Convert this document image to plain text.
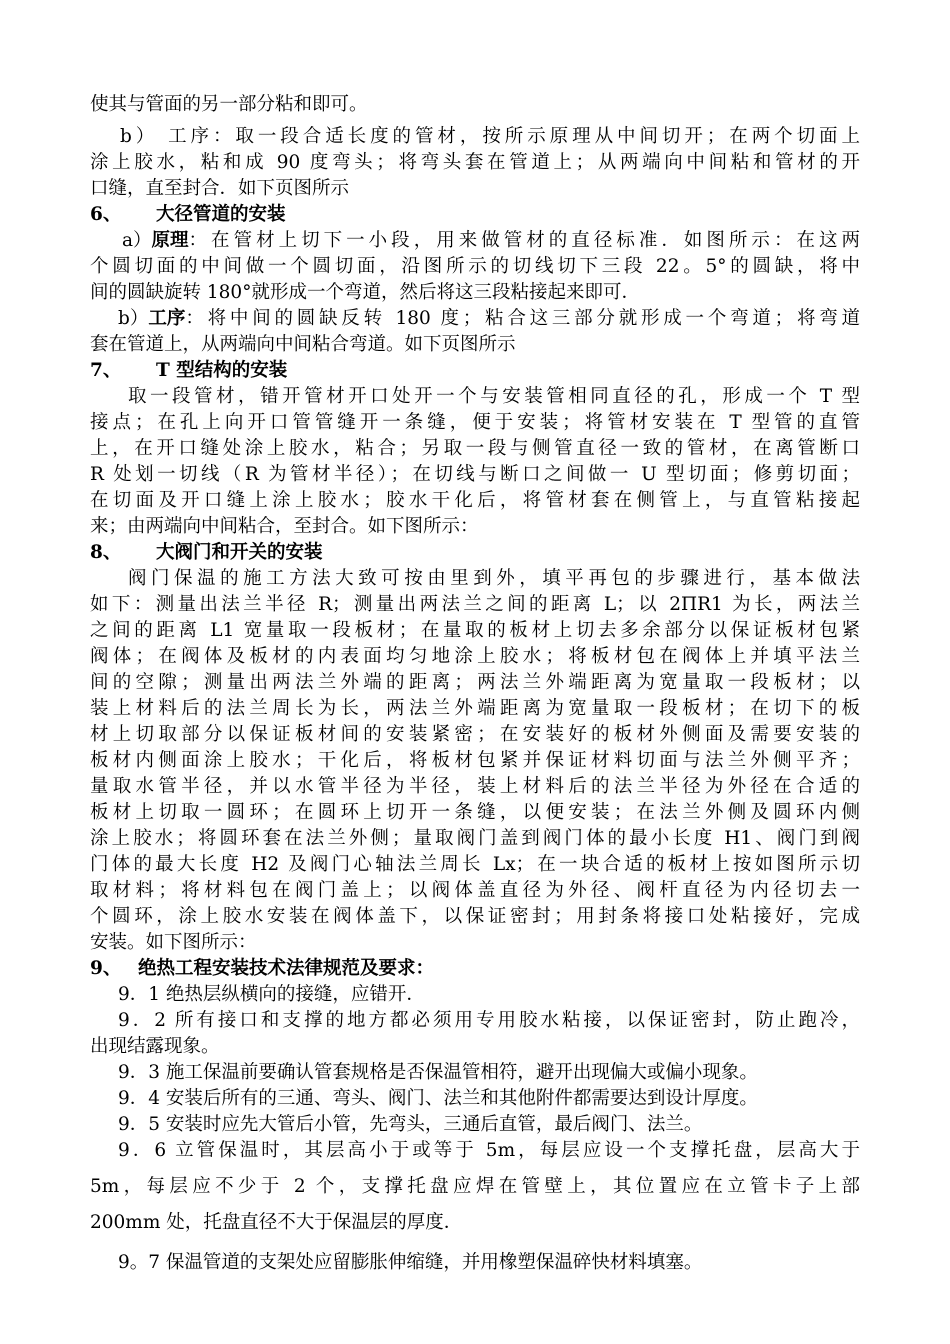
使其与管面的另一部分粘和即可。
b） 工序：取一段合适长度的管材，按所示原理从中间切开；在两个切面上
涂上胶水，粘和成 90 度弯头；将弯头套在管道上；从两端向中间粘和管材的开
口缝，直至封合．如下页图所示
6、 大径管道的安装
a） 原理 ：在管材上切下一小段，用来做管材的直径标准．如图所示：在这两
个圆切面的中间做一个圆切面，沿图所示的切线切下三段 22。5°的圆缺，将中
间的圆缺旋转 180°就形成一个弯道，然后将这三段粘接起来即可．
b） 工序 ：将中间的圆缺反转 180 度；粘合这三部分就形成一个弯道；将弯道
套在管道上，从两端向中间粘合弯道。如下页图所示
7、 T 型结构的安装
取一段管材，错开管材开口处开一个与安装管相同直径的孔，形成一个 T 型
接点；在孔上向开口管管缝开一条缝，便于安装；将管材安装在 T 型管的直管
上，在开口缝处涂上胶水，粘合；另取一段与侧管直径一致的管材，在离管断口
R 处划一切线（R 为管材半径）；在切线与断口之间做一 U 型切面；修剪切面；
在切面及开口缝上涂上胶水；胶水干化后，将管材套在侧管上，与直管粘接起
来；由两端向中间粘合，至封合。如下图所示：
8、 大阀门和开关的安装
阀门保温的施工方法大致可按由里到外，填平再包的步骤进行，基本做法
如下：测量出法兰半径 R；测量出两法兰之间的距离 L；以 2ΠR1 为长，两法兰
之间的距离 L1 宽量取一段板材；在量取的板材上切去多余部分以保证板材包紧
阀体；在阀体及板材的内表面均匀地涂上胶水；将板材包在阀体上并填平法兰
间的空隙；测量出两法兰外端的距离；两法兰外端距离为宽量取一段板材；以
装上材料后的法兰周长为长，两法兰外端距离为宽量取一段板材；在切下的板
材上切取部分以保证板材间的安装紧密；在安装好的板材外侧面及需要安装的
板材内侧面涂上胶水；干化后，将板材包紧并保证材料切面与法兰外侧平齐；
量取水管半径，并以水管半径为半径，装上材料后的法兰半径为外径在合适的
板材上切取一圆环；在圆环上切开一条缝，以便安装；在法兰外侧及圆环内侧
涂上胶水；将圆环套在法兰外侧；量取阀门盖到阀门体的最小长度 H1、阀门到阀
门体的最大长度 H2 及阀门心轴法兰周长 Lx；在一块合适的板材上按如图所示切
取材料；将材料包在阀门盖上；以阀体盖直径为外径、阀杆直径为内径切去一
个圆环，涂上胶水安装在阀体盖下，以保证密封；用封条将接口处粘接好，完成
安装。如下图所示：
9、 绝热工程安装技术法律规范及要求：
9．1 绝热层纵横向的接缝，应错开．
9．2 所有接口和支撑的地方都必须用专用胶水粘接，以保证密封，防止跑冷，
出现结露现象。
9．3 施工保温前要确认管套规格是否保温管相符，避开出现偏大或偏小现象。
9．4 安装后所有的三通、弯头、阀门、法兰和其他附件都需要达到设计厚度。
9．5 安装时应先大管后小管，先弯头，三通后直管，最后阀门、法兰。
9．6 立管保温时，其层高小于或等于 5m，每层应设一个支撑托盘，层高大于
5m，每层应不少于 2 个，支撑托盘应焊在管壁上，其位置应在立管卡子上部
200mm 处，托盘直径不大于保温层的厚度．
9。7 保温管道的支架处应留膨胀伸缩缝，并用橡塑保温碎快材料填塞。
